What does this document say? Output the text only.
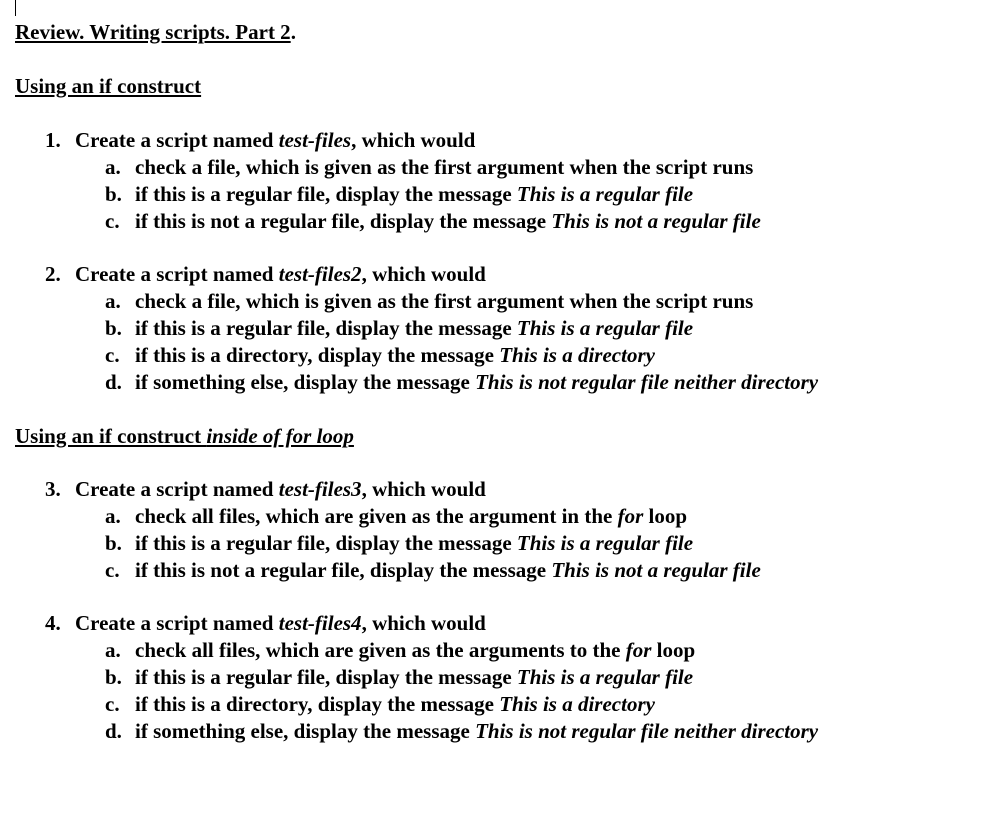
Review. Writing scripts. Part 2.
Using an if construct
1. Create a script named test-files, which would
a. check a file, which is given as the first argument when the script runs
b. if this is a regular file, display the message This is a regular file
c. if this is not a regular file, display the message This is not a regular file
2. Create a script named test-files2, which would
a. check a file, which is given as the first argument when the script runs
b. if this is a regular file, display the message This is a regular file
c. if this is a directory, display the message This is a directory
d. if something else, display the message This is not regular file neither directory
Using an if construct inside of for loop
3. Create a script named test-files3, which would
a. check all files, which are given as the argument in the for loop
b. if this is a regular file, display the message This is a regular file
c. if this is not a regular file, display the message This is not a regular file
4. Create a script named test-files4, which would
a. check all files, which are given as the arguments to the for loop
b. if this is a regular file, display the message This is a regular file
c. if this is a directory, display the message This is a directory
d. if something else, display the message This is not regular file neither directory
